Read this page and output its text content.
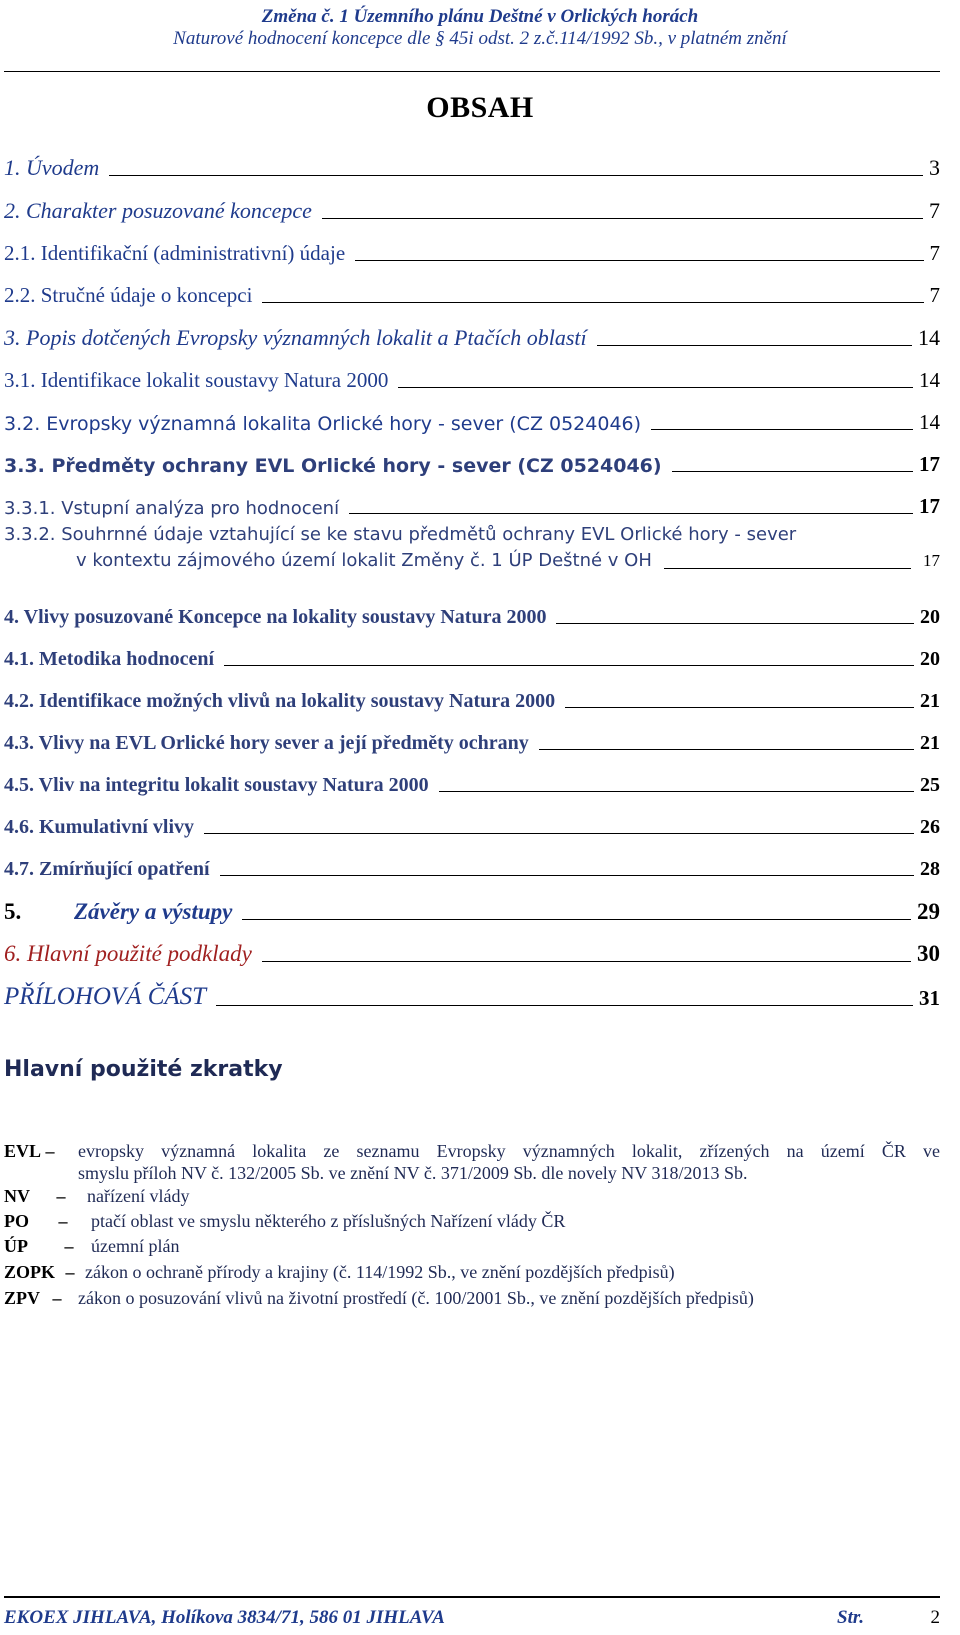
Změna č. 1 Územního plánu Deštné v Orlických horách
Naturové hodnocení koncepce dle § 45i odst. 2 z.č.114/1992 Sb., v platném znění
OBSAH
1. Úvodem	3
2. Charakter posuzované koncepce	7
2.1. Identifikační (administrativní) údaje	7
2.2. Stručné údaje o koncepci	7
3. Popis dotčených Evropsky významných lokalit a Ptačích oblastí	14
3.1. Identifikace lokalit soustavy Natura 2000	14
3.2. Evropsky významná lokalita Orlické hory - sever (CZ 0524046)	14
3.3. Předměty ochrany EVL Orlické hory - sever (CZ 0524046)	17
3.3.1. Vstupní analýza pro hodnocení	17
3.3.2. Souhrnné údaje vztahující se ke stavu předmětů ochrany EVL Orlické hory - sever
v kontextu zájmového území lokalit Změny č. 1 ÚP Deštné v OH	17
4. Vlivy posuzované Koncepce na lokality soustavy Natura 2000	20
4.1. Metodika hodnocení	20
4.2. Identifikace možných vlivů na lokality soustavy Natura 2000	21
4.3. Vlivy na EVL Orlické hory sever a její předměty ochrany	21
4.5. Vliv na integritu lokalit soustavy Natura 2000	25
4.6. Kumulativní vlivy	26
4.7. Zmírňující opatření	28
5.	Závěry a výstupy	29
6. Hlavní použité podklady	30
PŘÍLOHOVÁ ČÁST	31
Hlavní použité zkratky
EVL –	evropsky významná lokalita ze seznamu Evropsky významných lokalit, zřízených na území ČR ve
smyslu příloh NV č. 132/2005 Sb. ve znění NV č. 371/2009 Sb. dle novely NV 318/2013 Sb.
NV – nařízení vlády
PO – ptačí oblast ve smyslu některého z příslušných Nařízení vlády ČR
ÚP – územní plán
ZOPK – zákon o ochraně přírody a krajiny (č. 114/1992 Sb., ve znění pozdějších předpisů)
ZPV – zákon o posuzování vlivů na životní prostředí (č. 100/2001 Sb., ve znění pozdějších předpisů)
EKOEX JIHLAVA, Holíkova 3834/71, 586 01 JIHLAVA	Str.	2
